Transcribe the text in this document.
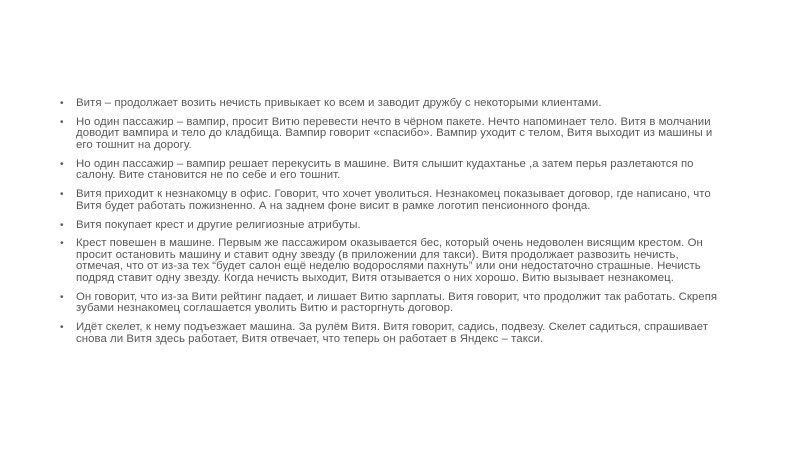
•	Витя – продолжает возить нечисть привыкает ко всем и заводит дружбу с некоторыми клиентами.
•	Но один пассажир – вампир, просит Витю перевести нечто в чёрном пакете. Нечто напоминает тело. Витя в молчании доводит вампира и тело до кладбища. Вампир говорит «спасибо». Вампир уходит с телом, Витя выходит из машины и его тошнит на дорогу.
•	Но один пассажир – вампир решает перекусить в машине. Витя слышит кудахтанье ,а затем перья разлетаются по салону. Вите становится не по себе и его тошнит.
•	Витя приходит к незнакомцу в офис. Говорит, что хочет уволиться. Незнакомец показывает договор, где написано, что Витя будет работать пожизненно. А на заднем фоне висит в рамке логотип пенсионного фонда.
•	Витя покупает крест и другие религиозные атрибуты.
•	Крест повешен в машине. Первым же пассажиром оказывается бес, который очень недоволен висящим крестом. Он просит остановить машину и ставит одну звезду (в приложении для такси). Витя продолжает развозить нечисть, отмечая, что от из-за тех “будет салон ещё неделю водорослями пахнуть” или они недостаточно страшные. Нечисть подряд ставит одну звезду. Когда нечисть выходит, Витя отзывается о них хорошо. Витю вызывает незнакомец.
•	Он говорит, что из-за Вити рейтинг падает, и лишает Витю зарплаты. Витя говорит, что продолжит так работать. Скрепя зубами незнакомец соглашается уволить Витю и расторгнуть договор.
•	Идёт скелет, к нему подъезжает машина. За рулём Витя. Витя говорит, садись, подвезу. Скелет садиться, спрашивает снова ли Витя здесь работает, Витя отвечает, что теперь он работает в Яндекс – такси.
